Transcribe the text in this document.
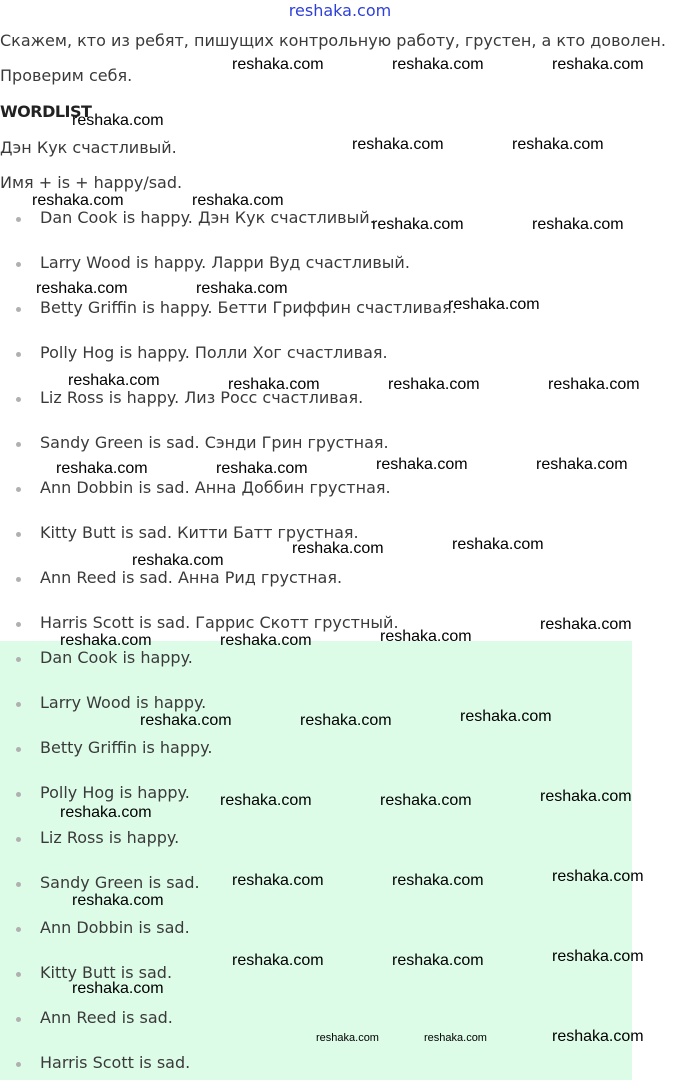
reshaka.com

Скажем, кто из ребят, пишущих контрольную работу, грустен, а кто доволен.

Проверим себя.

WORDLIST

Дэн Кук счастливый.

Имя + is + happy/sad.

Dan Cook is happy. Дэн Кук счастливый.
Larry Wood is happy. Ларри Вуд счастливый.
Betty Griffin is happy. Бетти Гриффин счастливая.
Polly Hog is happy. Полли Хог счастливая.
Liz Ross is happy. Лиз Росс счастливая.
Sandy Green is sad. Сэнди Грин грустная.
Ann Dobbin is sad. Анна Доббин грустная.
Kitty Butt is sad. Китти Батт грустная.
Ann Reed is sad. Анна Рид грустная.
Harris Scott is sad. Гаррис Скотт грустный.
Dan Cook is happy.
Larry Wood is happy.
Betty Griffin is happy.
Polly Hog is happy.
Liz Ross is happy.
Sandy Green is sad.
Ann Dobbin is sad.
Kitty Butt is sad.
Ann Reed is sad.
Harris Scott is sad.
reshaka.com	reshaka.com	reshaka.com
reshaka.com
reshaka.com	reshaka.com
reshaka.com	reshaka.com
reshaka.com	reshaka.com
reshaka.com	reshaka.com
reshaka.com
reshaka.com	reshaka.com	reshaka.com	reshaka.com
reshaka.com	reshaka.com	reshaka.com	reshaka.com
reshaka.com
reshaka.com	reshaka.com
reshaka.com
reshaka.com	reshaka.com	reshaka.com
reshaka.com	reshaka.com	reshaka.com
reshaka.com
reshaka.com	reshaka.com	reshaka.com
reshaka.com	reshaka.com	reshaka.com
reshaka.com
reshaka.com	reshaka.com	reshaka.com
reshaka.com
reshaka.com	reshaka.com	reshaka.com
